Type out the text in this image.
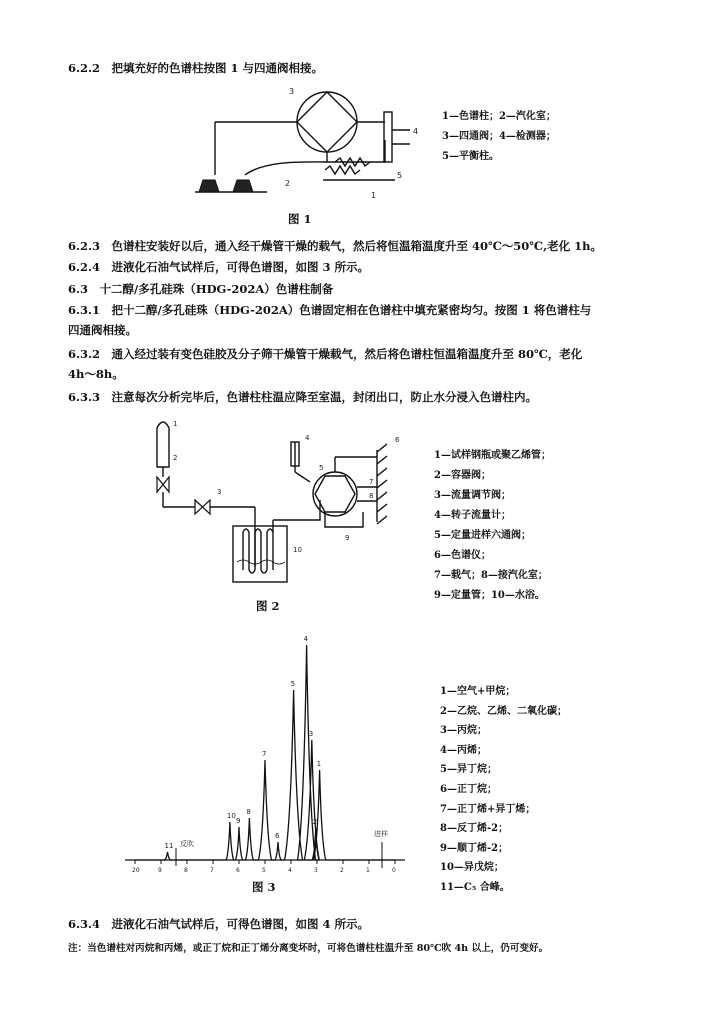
6.2.2　把填充好的色谱柱按图 1 与四通阀相接。
3
4
5
1
2
1—色谱柱；2—汽化室；
3—四通阀；4—检测器；
5—平衡柱。
图 1
6.2.3　色谱柱安装好以后，通入经干燥管干燥的载气，然后将恒温箱温度升至 40℃～50℃,老化 1h。
6.2.4　进液化石油气试样后，可得色谱图，如图 3 所示。
6.3　十二醇/多孔硅珠（HDG-202A）色谱柱制备
6.3.1　把十二醇/多孔硅珠（HDG-202A）色谱固定相在色谱柱中填充紧密均匀。按图 1 将色谱柱与
四通阀相接。
6.3.2　通入经过装有变色硅胶及分子筛干燥管干燥载气，然后将色谱柱恒温箱温度升至 80℃，老化
4h～8h。
6.3.3　注意每次分析完毕后，色谱柱柱温应降至室温，封闭出口，防止水分浸入色谱柱内。
1
2
3
4
5
6
7
8
9
10
1—试样钢瓶或聚乙烯管；
2—容器阀；
3—流量调节阀；
4—转子流量计；
5—定量进样六通阀；
6—色谱仪；
7—载气；8—接汽化室；
9—定量管；10—水浴。
图 2
11
10
9
8
7
6
5
4
3
2
1
20	9	8	7	6	5	4	3	2	1	0
进样
反吹
1—空气+甲烷；
2—乙烷、乙烯、二氧化碳；
3—丙烷；
4—丙烯；
5—异丁烷；
6—正丁烷；
7—正丁烯+异丁烯；
8—反丁烯-2；
9—顺丁烯-2；
10—异戊烷；
11—C₅ 合峰。
图 3
6.3.4　进液化石油气试样后，可得色谱图，如图 4 所示。
注：当色谱柱对丙烷和丙烯，或正丁烷和正丁烯分离变坏时，可将色谱柱柱温升至 80℃吹 4h 以上，仍可变好。
